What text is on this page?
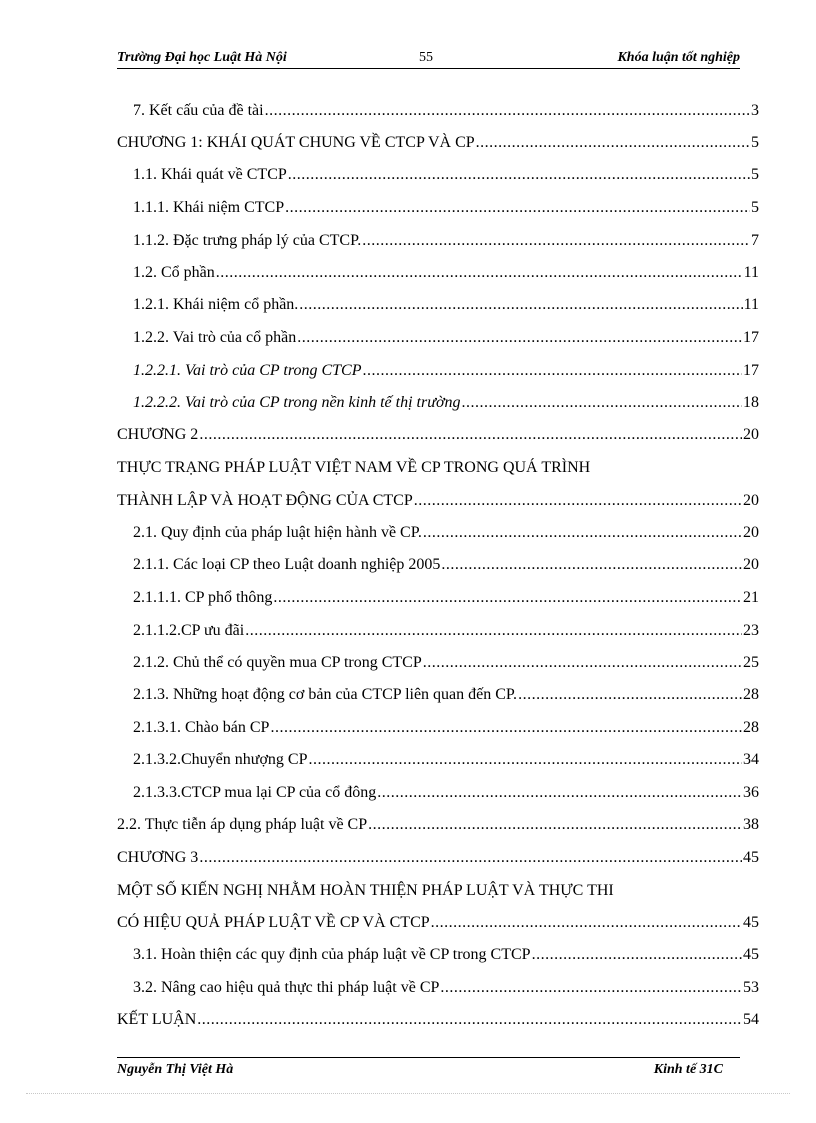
Trường Đại học Luật Hà Nội	55	Khóa luận tốt nghiệp
7. Kết cấu của đề tài .....	3
CHƯƠNG 1: KHÁI QUÁT CHUNG VỀ CTCP VÀ CP .....	5
1.1. Khái quát về CTCP .....	5
1.1.1. Khái niệm CTCP .....	5
1.1.2. Đặc trưng pháp lý của CTCP. .....	7
1.2. Cổ phần .....	11
1.2.1. Khái niệm cổ phần. .....	11
1.2.2. Vai trò của cổ phần .....	17
1.2.2.1. Vai trò của CP trong CTCP .....	17
1.2.2.2. Vai trò của CP trong nền kinh tế thị trường .....	18
CHƯƠNG 2 .....	20
THỰC TRẠNG PHÁP LUẬT VIỆT NAM VỀ CP TRONG QUÁ TRÌNH
THÀNH LẬP VÀ HOẠT ĐỘNG CỦA CTCP .....	20
2.1. Quy định của pháp luật hiện hành về CP. .....	20
2.1.1. Các loại CP theo Luật doanh nghiệp 2005 .....	20
2.1.1.1. CP phổ thông .....	21
2.1.1.2.CP ưu đãi .....	23
2.1.2. Chủ thể có quyền mua CP trong CTCP .....	25
2.1.3. Những hoạt động cơ bản của CTCP liên quan đến CP. .....	28
2.1.3.1. Chào bán CP .....	28
2.1.3.2.Chuyển nhượng CP .....	34
2.1.3.3.CTCP mua lại CP của cổ đông .....	36
2.2. Thực tiễn áp dụng pháp luật về CP .....	38
CHƯƠNG 3 .....	45
MỘT SỐ KIẾN NGHỊ NHẰM HOÀN THIỆN PHÁP LUẬT VÀ THỰC THI
CÓ HIỆU QUẢ PHÁP LUẬT VỀ CP VÀ CTCP .....	45
3.1. Hoàn thiện các quy định của pháp luật về CP trong CTCP .....	45
3.2. Nâng cao hiệu quả thực thi pháp luật về CP .....	53
KẾT LUẬN .....	54
Nguyễn Thị Việt Hà	Kinh tế 31C
